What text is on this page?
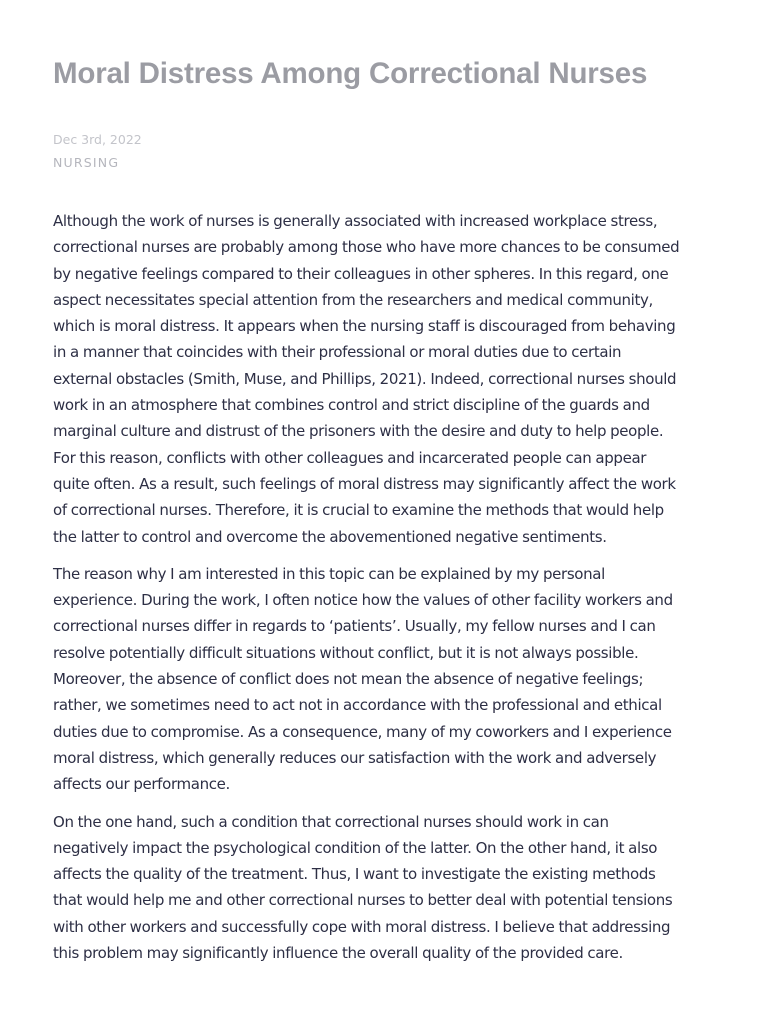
Moral Distress Among Correctional Nurses
Dec 3rd, 2022
NURSING

Although the work of nurses is generally associated with increased workplace stress,
correctional nurses are probably among those who have more chances to be consumed
by negative feelings compared to their colleagues in other spheres. In this regard, one
aspect necessitates special attention from the researchers and medical community,
which is moral distress. It appears when the nursing staff is discouraged from behaving
in a manner that coincides with their professional or moral duties due to certain
external obstacles (Smith, Muse, and Phillips, 2021). Indeed, correctional nurses should
work in an atmosphere that combines control and strict discipline of the guards and
marginal culture and distrust of the prisoners with the desire and duty to help people.
For this reason, conflicts with other colleagues and incarcerated people can appear
quite often. As a result, such feelings of moral distress may significantly affect the work
of correctional nurses. Therefore, it is crucial to examine the methods that would help
the latter to control and overcome the abovementioned negative sentiments.

The reason why I am interested in this topic can be explained by my personal
experience. During the work, I often notice how the values of other facility workers and
correctional nurses differ in regards to ‘patients’. Usually, my fellow nurses and I can
resolve potentially difficult situations without conflict, but it is not always possible.
Moreover, the absence of conflict does not mean the absence of negative feelings;
rather, we sometimes need to act not in accordance with the professional and ethical
duties due to compromise. As a consequence, many of my coworkers and I experience
moral distress, which generally reduces our satisfaction with the work and adversely
affects our performance.

On the one hand, such a condition that correctional nurses should work in can
negatively impact the psychological condition of the latter. On the other hand, it also
affects the quality of the treatment. Thus, I want to investigate the existing methods
that would help me and other correctional nurses to better deal with potential tensions
with other workers and successfully cope with moral distress. I believe that addressing
this problem may significantly influence the overall quality of the provided care.
